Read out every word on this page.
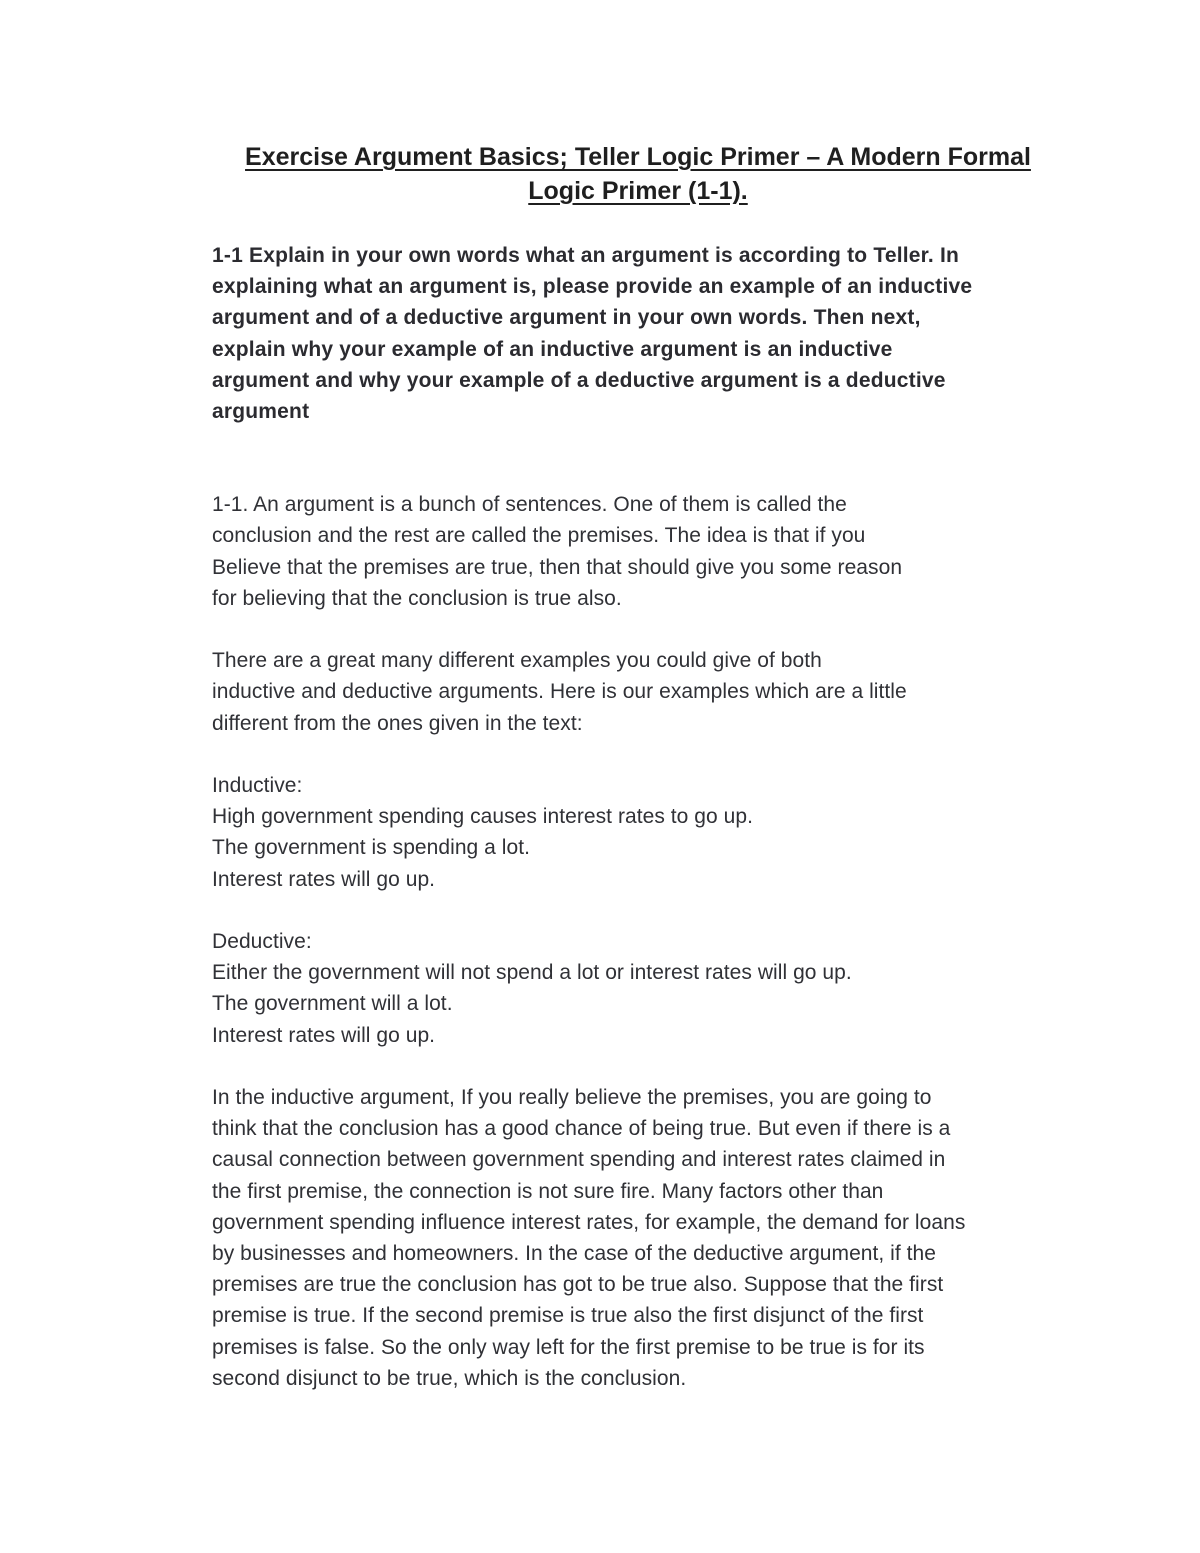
Exercise Argument Basics; Teller Logic Primer – A Modern Formal
Logic Primer (1-1).
1-1 Explain in your own words what an argument is according to Teller. In
explaining what an argument is, please provide an example of an inductive
argument and of a deductive argument in your own words. Then next,
explain why your example of an inductive argument is an inductive
argument and why your example of a deductive argument is a deductive
argument

1-1. An argument is a bunch of sentences. One of them is called the
conclusion and the rest are called the premises. The idea is that if you
Believe that the premises are true, then that should give you some reason
for believing that the conclusion is true also.

There are a great many different examples you could give of both
inductive and deductive arguments. Here is our examples which are a little
different from the ones given in the text:

Inductive:
High government spending causes interest rates to go up.
The government is spending a lot.
Interest rates will go up.

Deductive:
Either the government will not spend a lot or interest rates will go up.
The government will a lot.
Interest rates will go up.

In the inductive argument, If you really believe the premises, you are going to
think that the conclusion has a good chance of being true. But even if there is a
causal connection between government spending and interest rates claimed in
the first premise, the connection is not sure fire. Many factors other than
government spending influence interest rates, for example, the demand for loans
by businesses and homeowners. In the case of the deductive argument, if the
premises are true the conclusion has got to be true also. Suppose that the first
premise is true. If the second premise is true also the first disjunct of the first
premises is false. So the only way left for the first premise to be true is for its
second disjunct to be true, which is the conclusion.
